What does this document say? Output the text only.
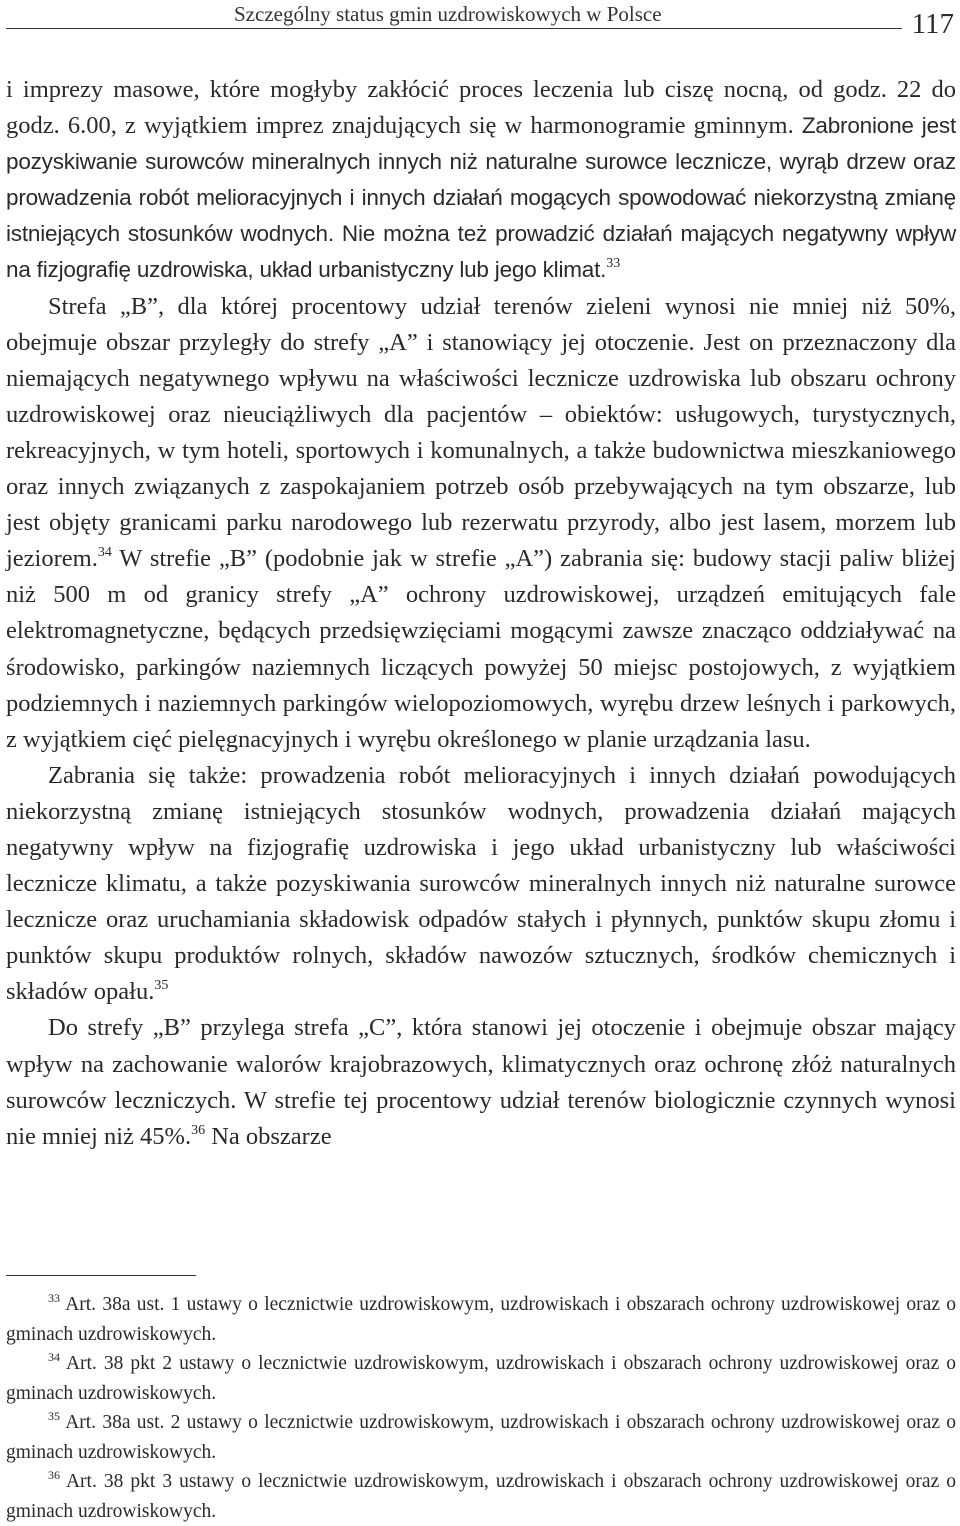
Szczególny status gmin uzdrowiskowych w Polsce	117

i imprezy masowe, które mogłyby zakłócić proces leczenia lub ciszę nocną, od godz. 22 do godz. 6.00, z wyjątkiem imprez znajdujących się w harmonogramie gminnym. Zabronione jest pozyskiwanie surowców mineralnych innych niż naturalne surowce lecznicze, wyrąb drzew oraz prowadzenia robót melioracyjnych i innych działań mogących spowodować niekorzystną zmianę istniejących stosunków wodnych. Nie można też prowadzić działań mających negatywny wpływ na fizjografię uzdrowiska, układ urbanistyczny lub jego klimat.$^{33}$

Strefa „B”, dla której procentowy udział terenów zieleni wynosi nie mniej niż 50%, obejmuje obszar przyległy do strefy „A” i stanowiący jej otoczenie. Jest on przeznaczony dla niemających negatywnego wpływu na właściwości lecznicze uzdrowiska lub obszaru ochrony uzdrowiskowej oraz nieuciążliwych dla pacjentów – obiektów: usługowych, turystycznych, rekreacyjnych, w tym hoteli, sportowych i komunalnych, a także budownictwa mieszkaniowego oraz innych związanych z zaspokajaniem potrzeb osób przebywających na tym obszarze, lub jest objęty granicami parku narodowego lub rezerwatu przyrody, albo jest lasem, morzem lub jeziorem.$^{34}$ W strefie „B” (podobnie jak w strefie „A”) zabrania się: budowy stacji paliw bliżej niż 500 m od granicy strefy „A” ochrony uzdrowiskowej, urządzeń emitujących fale elektromagnetyczne, będących przedsięwzięciami mogącymi zawsze znacząco oddziaływać na środowisko, parkingów naziemnych liczących powyżej 50 miejsc postojowych, z wyjątkiem podziemnych i naziemnych parkingów wielopoziomowych, wyrębu drzew leśnych i parkowych, z wyjątkiem cięć pielęgnacyjnych i wyrębu określonego w planie urządzania lasu.

Zabrania się także: prowadzenia robót melioracyjnych i innych działań powodujących niekorzystną zmianę istniejących stosunków wodnych, prowadzenia działań mających negatywny wpływ na fizjografię uzdrowiska i jego układ urbanistyczny lub właściwości lecznicze klimatu, a także pozyskiwania surowców mineralnych innych niż naturalne surowce lecznicze oraz uruchamiania składowisk odpadów stałych i płynnych, punktów skupu złomu i punktów skupu produktów rolnych, składów nawozów sztucznych, środków chemicznych i składów opału.$^{35}$

Do strefy „B” przylega strefa „C”, która stanowi jej otoczenie i obejmuje obszar mający wpływ na zachowanie walorów krajobrazowych, klimatycznych oraz ochronę złóż naturalnych surowców leczniczych. W strefie tej procentowy udział terenów biologicznie czynnych wynosi nie mniej niż 45%.$^{36}$ Na obszarze

$^{33}$ Art. 38a ust. 1 ustawy o lecznictwie uzdrowiskowym, uzdrowiskach i obszarach ochrony uzdrowiskowej oraz o gminach uzdrowiskowych.

$^{34}$ Art. 38 pkt 2 ustawy o lecznictwie uzdrowiskowym, uzdrowiskach i obszarach ochrony uzdrowiskowej oraz o gminach uzdrowiskowych.

$^{35}$ Art. 38a ust. 2 ustawy o lecznictwie uzdrowiskowym, uzdrowiskach i obszarach ochrony uzdrowiskowej oraz o gminach uzdrowiskowych.

$^{36}$ Art. 38 pkt 3 ustawy o lecznictwie uzdrowiskowym, uzdrowiskach i obszarach ochrony uzdrowiskowej oraz o gminach uzdrowiskowych.
